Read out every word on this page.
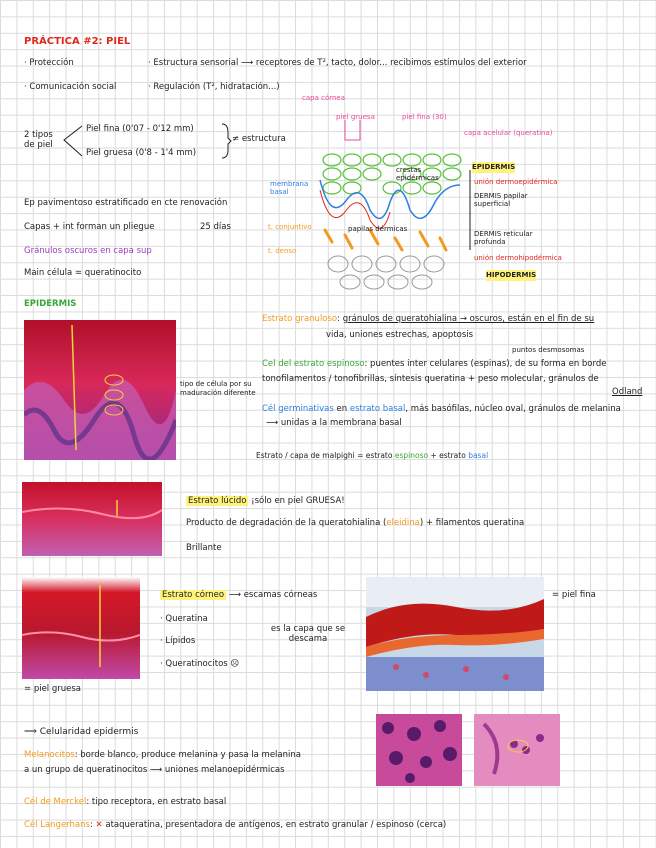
PRÁCTICA #2: PIEL
· Protección	· Estructura sensorial ⟶ receptores de T², tacto, dolor... recibimos estímulos del exterior
· Comunicación social	· Regulación (T², hidratación...)
2 tipos de piel
Piel fina (0'07 - 0'12 mm)
Piel gruesa (0'8 - 1'4 mm)
≠ estructura
Ep pavimentoso estratificado en cte renovación
Capas + int forman un pliegue	25 días
Gránulos oscuros en capa sup
Main célula = queratinocito
EPIDERMIS
tipo de célula por su maduración diferente
capa córnea
piel gruesa	piel fina (30)
capa acelular (queratina)
membrana basal
crestas epidérmicas
EPIDERMIS
unión dermoepidérmica
DERMIS papilar superficial
papilas dérmicas
DERMIS reticular profunda
t. conjuntivo
t. denso
unión dermohipodérmica
HIPODERMIS
Estrato granuloso: gránulos de queratohialina → oscuros, están en el fin de su
vida, uniones estrechas, apoptosis
puntos desmosomas
Cel del estrato espinoso: puentes inter celulares (espinas), de su forma en borde
tonofilamentos / tonofibrillas, síntesis queratina + peso molecular, gránulos de
Odland
Cél germinativas en estrato basal, más basófilas, núcleo oval, gránulos de melanina
⟶ unidas a la membrana basal
Estrato / capa de malpighi = estrato espinoso + estrato basal
Estrato lúcido ¡sólo en piel GRUESA!
Producto de degradación de la queratohialina (eleidina) + filamentos queratina
Brillante
= piel gruesa
Estrato córneo ⟶ escamas córneas
· Queratina
· Lípidos
· Queratinocitos ☹
es la capa que se descama
= piel fina
⟹ Celularidad epidermis
Melanocitos: borde blanco, produce melanina y pasa la melanina
a un grupo de queratinocitos ⟶ uniones melanoepidérmicas
Cél de Merckel: tipo receptora, en estrato basal
Cél Langerhans: ✕ ataqueratina, presentadora de antígenos, en estrato granular / espinoso (cerca)
